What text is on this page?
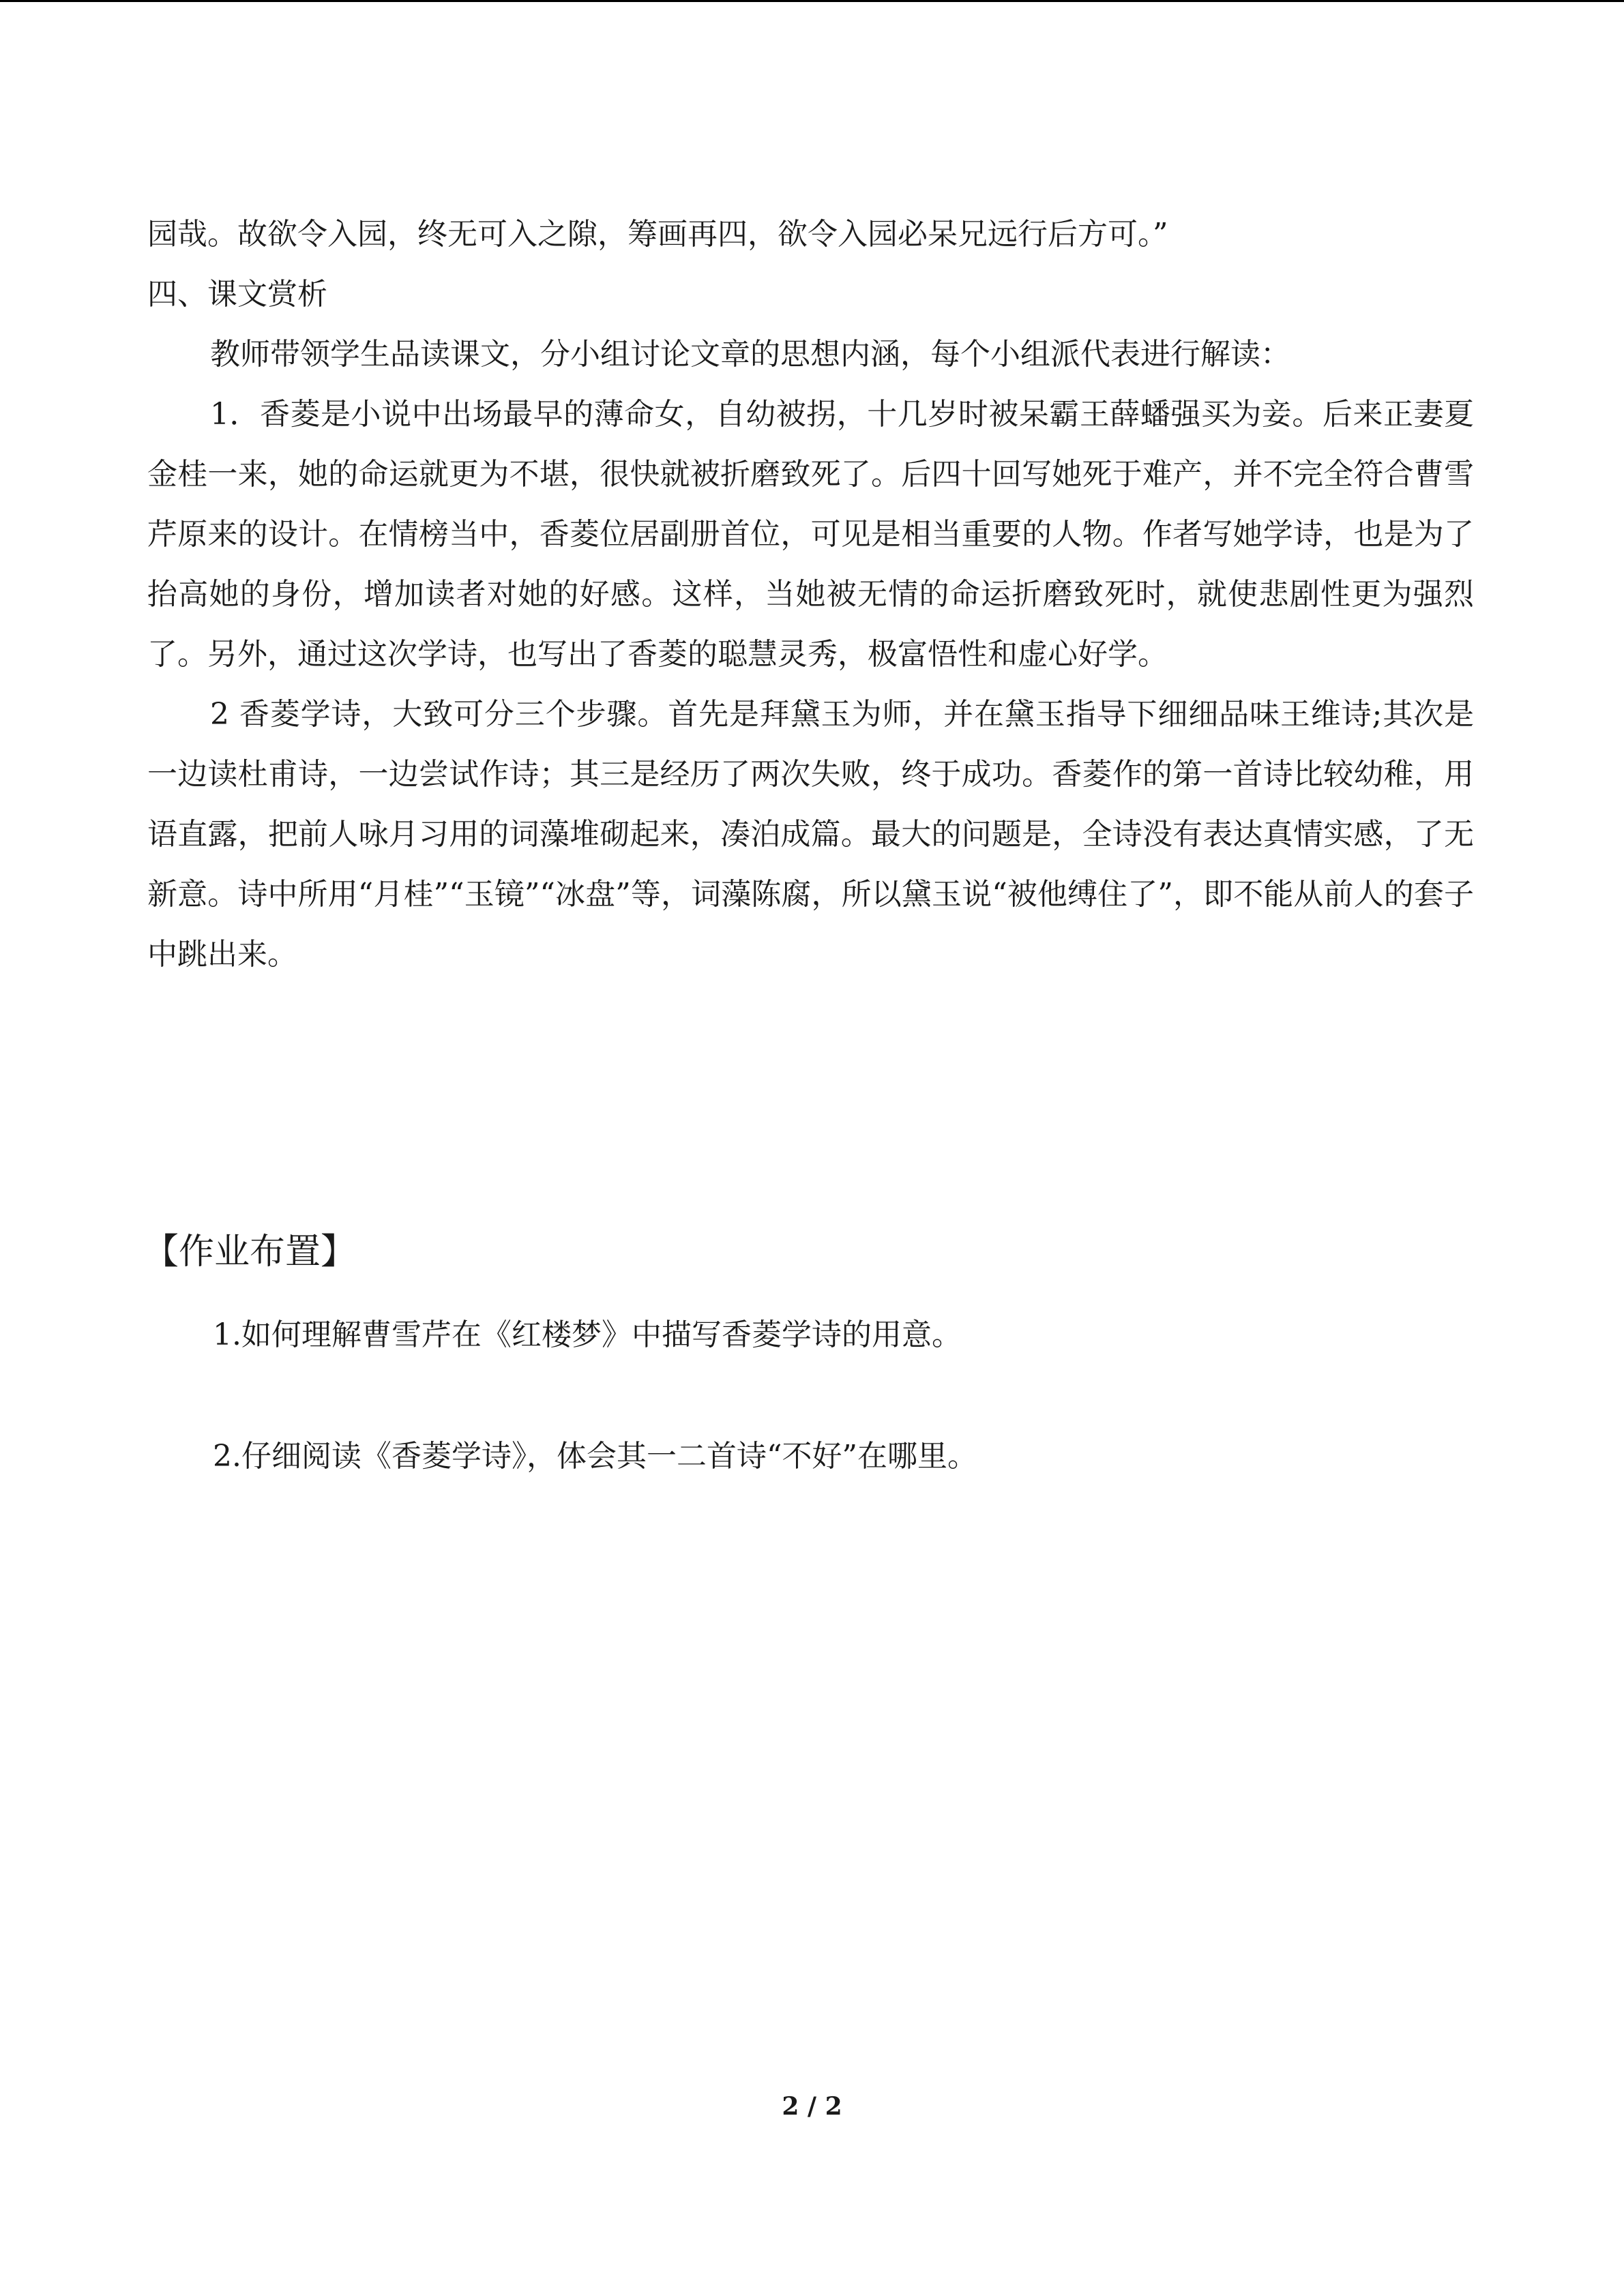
园哉。故欲令入园，终无可入之隙，筹画再四，欲令入园必呆兄远行后方可。”

四、课文赏析

教师带领学生品读课文，分小组讨论文章的思想内涵，每个小组派代表进行解读：

1．香菱是小说中出场最早的薄命女，自幼被拐，十几岁时被呆霸王薛蟠强买为妾。后来正妻夏金桂一来，她的命运就更为不堪，很快就被折磨致死了。后四十回写她死于难产，并不完全符合曹雪芹原来的设计。在情榜当中，香菱位居副册首位，可见是相当重要的人物。作者写她学诗，也是为了抬高她的身份，增加读者对她的好感。这样，当她被无情的命运折磨致死时，就使悲剧性更为强烈了。另外，通过这次学诗，也写出了香菱的聪慧灵秀，极富悟性和虚心好学。

2 香菱学诗，大致可分三个步骤。首先是拜黛玉为师，并在黛玉指导下细细品味王维诗;其次是一边读杜甫诗，一边尝试作诗；其三是经历了两次失败，终于成功。香菱作的第一首诗比较幼稚，用语直露，把前人咏月习用的词藻堆砌起来，凑泊成篇。最大的问题是，全诗没有表达真情实感，了无新意。诗中所用“月桂”“玉镜”“冰盘”等，词藻陈腐，所以黛玉说“被他缚住了”，即不能从前人的套子中跳出来。

【作业布置】

1.如何理解曹雪芹在《红楼梦》中描写香菱学诗的用意。

2.仔细阅读《香菱学诗》，体会其一二首诗“不好”在哪里。

2 / 2
